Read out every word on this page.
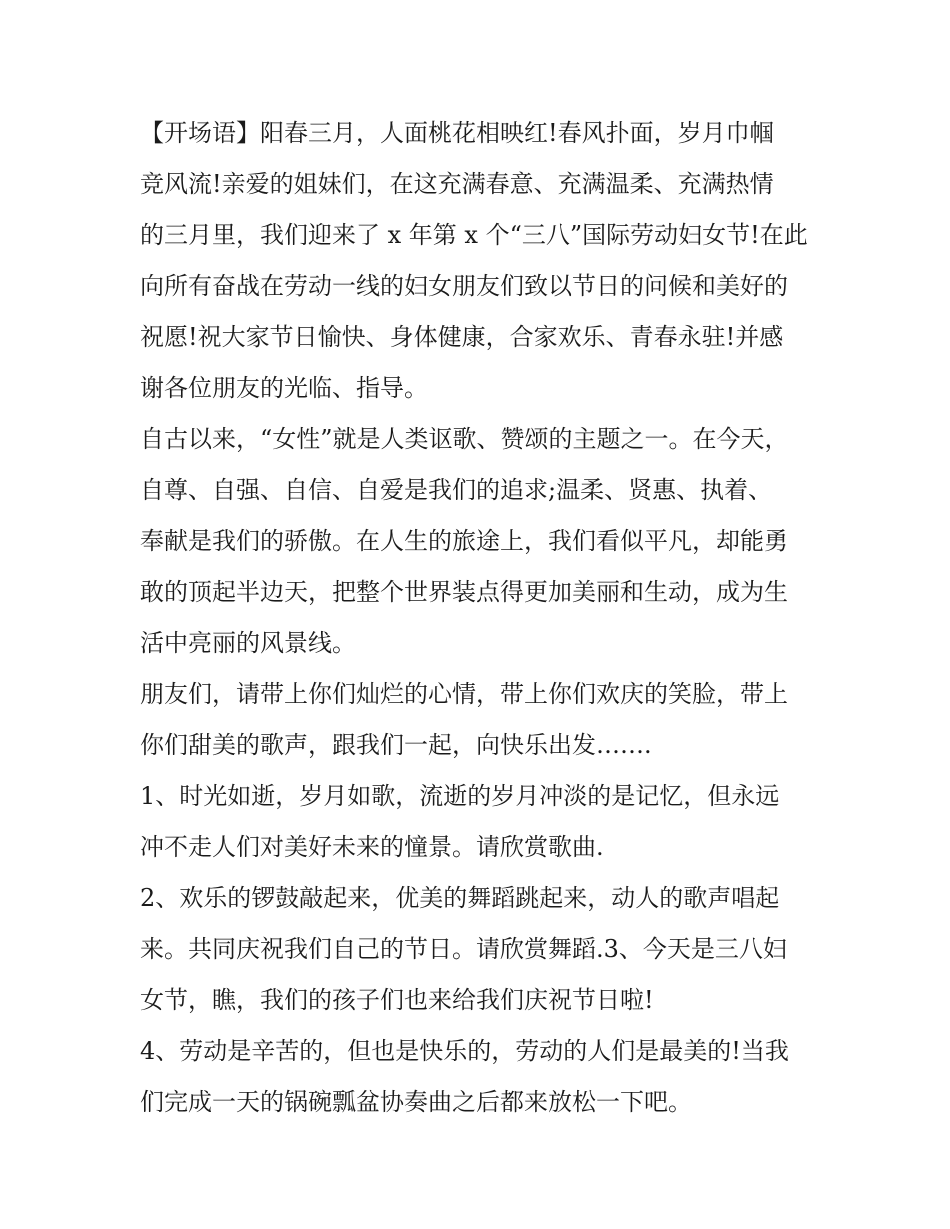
【开场语】阳春三月，人面桃花相映红!春风扑面，岁月巾帼
竞风流!亲爱的姐妹们，在这充满春意、充满温柔、充满热情
的三月里，我们迎来了 x 年第 x 个“三八”国际劳动妇女节!在此
向所有奋战在劳动一线的妇女朋友们致以节日的问候和美好的
祝愿!祝大家节日愉快、身体健康，合家欢乐、青春永驻!并感
谢各位朋友的光临、指导。

自古以来，“女性”就是人类讴歌、赞颂的主题之一。在今天，
自尊、自强、自信、自爱是我们的追求;温柔、贤惠、执着、
奉献是我们的骄傲。在人生的旅途上，我们看似平凡，却能勇
敢的顶起半边天，把整个世界装点得更加美丽和生动，成为生
活中亮丽的风景线。

朋友们，请带上你们灿烂的心情，带上你们欢庆的笑脸，带上
你们甜美的歌声，跟我们一起，向快乐出发…….

1、时光如逝，岁月如歌，流逝的岁月冲淡的是记忆，但永远
冲不走人们对美好未来的憧景。请欣赏歌曲.

2、欢乐的锣鼓敲起来，优美的舞蹈跳起来，动人的歌声唱起
来。共同庆祝我们自己的节日。请欣赏舞蹈.3、今天是三八妇
女节，瞧，我们的孩子们也来给我们庆祝节日啦!

4、劳动是辛苦的，但也是快乐的，劳动的人们是最美的!当我
们完成一天的锅碗瓢盆协奏曲之后都来放松一下吧。
